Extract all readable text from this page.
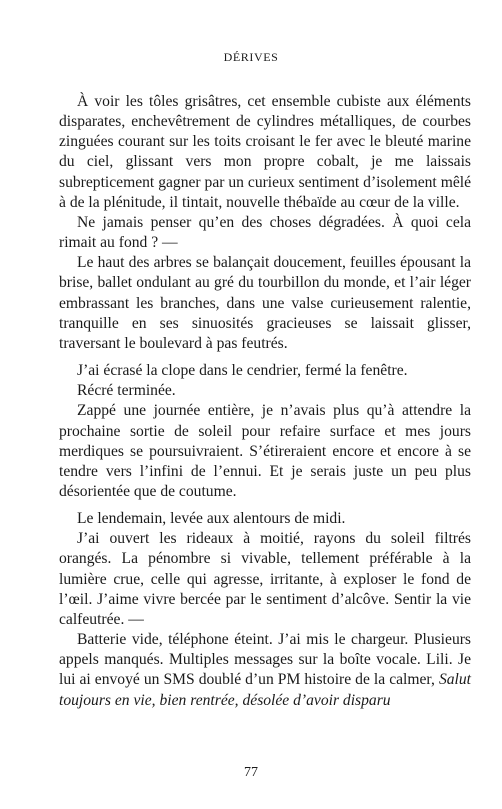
DÉRIVES

À voir les tôles grisâtres, cet ensemble cubiste aux éléments disparates, enchevêtrement de cylindres métalliques, de courbes zinguées courant sur les toits croisant le fer avec le bleuté marine du ciel, glissant vers mon propre cobalt, je me laissais subrepticement gagner par un curieux sentiment d’isolement mêlé à de la plénitude, il tintait, nouvelle thébaïde au cœur de la ville.

Ne jamais penser qu’en des choses dégradées. À quoi cela rimait au fond ? —

Le haut des arbres se balançait doucement, feuilles épousant la brise, ballet ondulant au gré du tourbillon du monde, et l’air léger embrassant les branches, dans une valse curieusement ralentie, tranquille en ses sinuosités gracieuses se laissait glisser, traversant le boulevard à pas feutrés.

J’ai écrasé la clope dans le cendrier, fermé la fenêtre.

Récré terminée.

Zappé une journée entière, je n’avais plus qu’à attendre la prochaine sortie de soleil pour refaire surface et mes jours merdiques se poursuivraient. S’étireraient encore et encore à se tendre vers l’infini de l’ennui. Et je serais juste un peu plus désorientée que de coutume.

Le lendemain, levée aux alentours de midi.

J’ai ouvert les rideaux à moitié, rayons du soleil filtrés orangés. La pénombre si vivable, tellement préférable à la lumière crue, celle qui agresse, irritante, à exploser le fond de l’œil. J’aime vivre bercée par le sentiment d’alcôve. Sentir la vie calfeutrée. —

Batterie vide, téléphone éteint. J’ai mis le chargeur. Plusieurs appels manqués. Multiples messages sur la boîte vocale. Lili. Je lui ai envoyé un SMS doublé d’un PM histoire de la calmer, Salut toujours en vie, bien rentrée, désolée d’avoir disparu

77
